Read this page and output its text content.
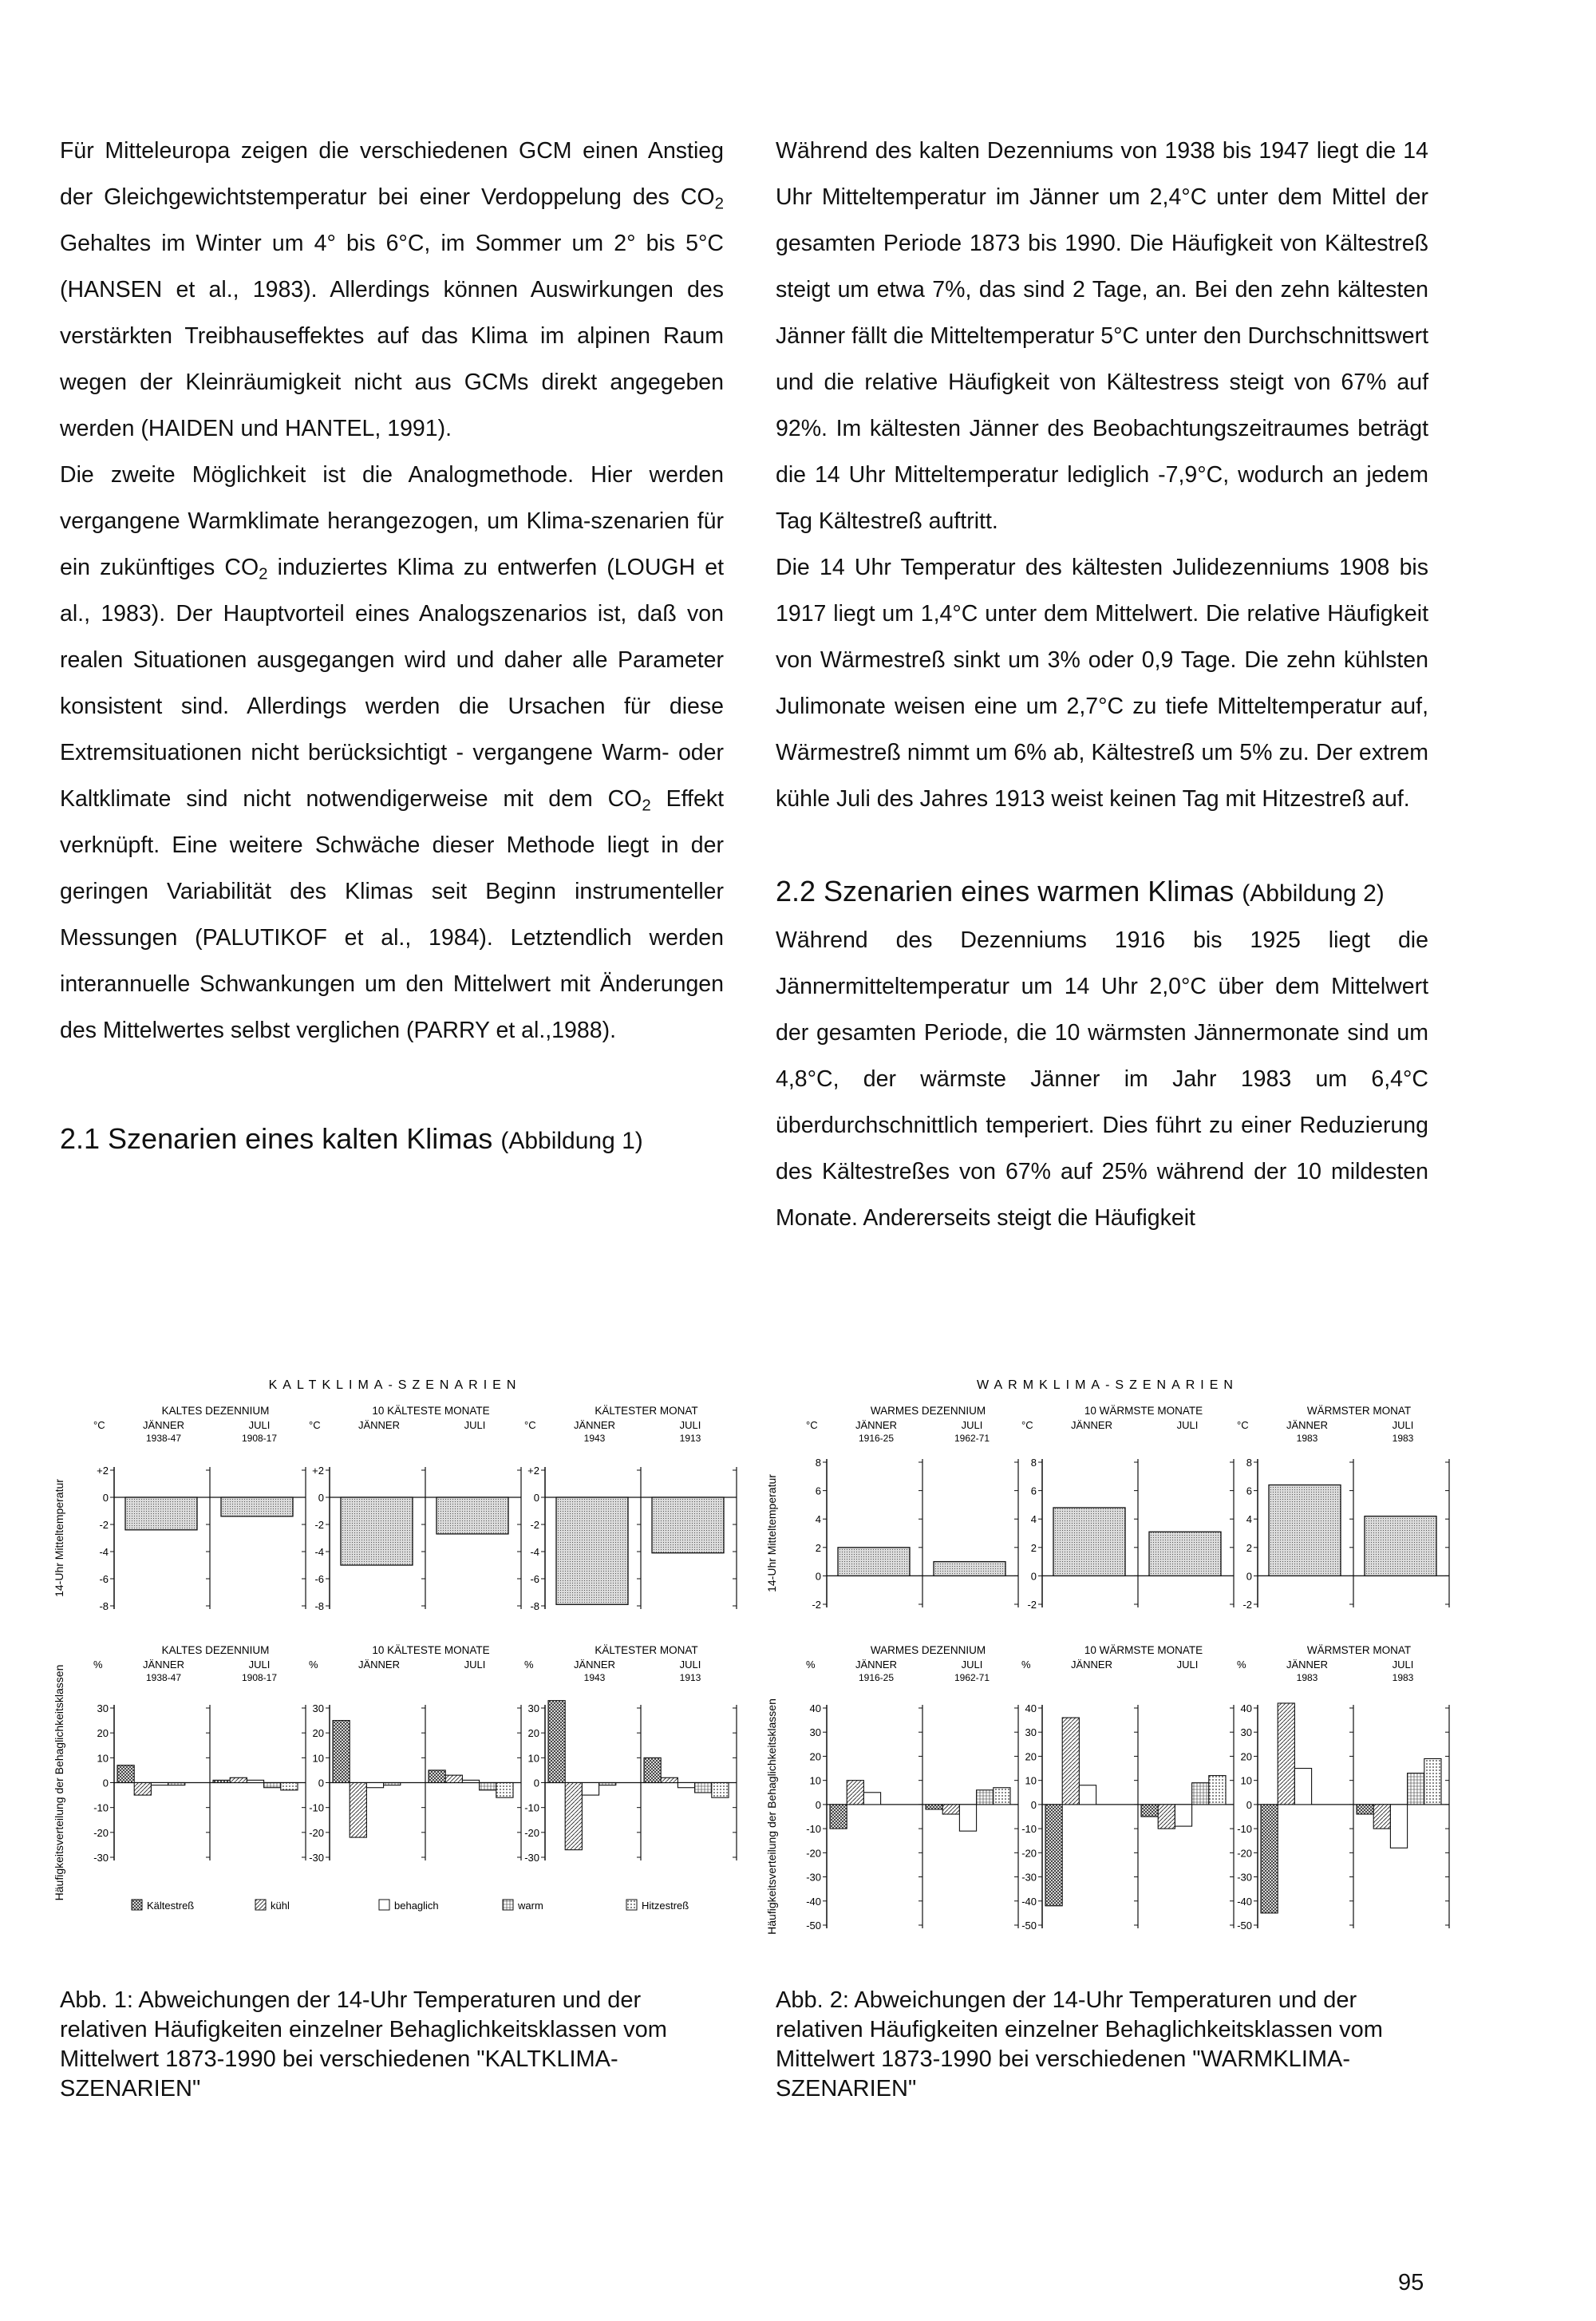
Für Mitteleuropa zeigen die verschiedenen GCM einen Anstieg der Gleichgewichtstemperatur bei einer Verdoppelung des $CO_2$ Gehaltes im Winter um 4° bis 6°C, im Sommer um 2° bis 5°C (HANSEN et al., 1983). Allerdings können Auswirkungen des verstärkten Treibhauseffektes auf das Klima im alpinen Raum wegen der Kleinräumigkeit nicht aus GCMs direkt angegeben werden (HAIDEN und HANTEL, 1991).

Die zweite Möglichkeit ist die Analogmethode. Hier werden vergangene Warmklimate herangezogen, um Klima-szenarien für ein zukünftiges $CO_2$ induziertes Klima zu entwerfen (LOUGH et al., 1983). Der Hauptvorteil eines Analogszenarios ist, daß von realen Situationen ausgegangen wird und daher alle Parameter konsistent sind. Allerdings werden die Ursachen für diese Extremsituationen nicht berücksichtigt - vergangene Warm- oder Kaltklimate sind nicht notwendigerweise mit dem $CO_2$ Effekt verknüpft. Eine weitere Schwäche dieser Methode liegt in der geringen Variabilität des Klimas seit Beginn instrumenteller Messungen (PALUTIKOF et al., 1984). Letztendlich werden interannuelle Schwankungen um den Mittelwert mit Änderungen des Mittelwertes selbst verglichen (PARRY et al.,1988).

2.1 Szenarien eines kalten Klimas (Abbildung 1)

Während des kalten Dezenniums von 1938 bis 1947 liegt die 14 Uhr Mitteltemperatur im Jänner um 2,4°C unter dem Mittel der gesamten Periode 1873 bis 1990. Die Häufigkeit von Kältestreß steigt um etwa 7%, das sind 2 Tage, an. Bei den zehn kältesten Jänner fällt die Mitteltemperatur 5°C unter den Durchschnittswert und die relative Häufigkeit von Kältestress steigt von 67% auf 92%. Im kältesten Jänner des Beobachtungszeitraumes beträgt die 14 Uhr Mitteltemperatur lediglich -7,9°C, wodurch an jedem Tag Kältestreß auftritt.

Die 14 Uhr Temperatur des kältesten Julidezenniums 1908 bis 1917 liegt um 1,4°C unter dem Mittelwert. Die relative Häufigkeit von Wärmestreß sinkt um 3% oder 0,9 Tage. Die zehn kühlsten Julimonate weisen eine um 2,7°C zu tiefe Mitteltemperatur auf, Wärmestreß nimmt um 6% ab, Kältestreß um 5% zu. Der extrem kühle Juli des Jahres 1913 weist keinen Tag mit Hitzestreß auf.

2.2 Szenarien eines warmen Klimas (Abbildung 2)

Während des Dezenniums 1916 bis 1925 liegt die Jännermitteltemperatur um 14 Uhr 2,0°C über dem Mittelwert der gesamten Periode, die 10 wärmsten Jännermonate sind um 4,8°C, der wärmste Jänner im Jahr 1983 um 6,4°C überdurchschnittlich temperiert. Dies führt zu einer Reduzierung des Kältestreßes von 67% auf 25% während der 10 mildesten Monate. Andererseits steigt die Häufigkeit

KALTKLIMA-SZENARIEN
14-Uhr Mitteltemperatur
Häufigkeitsverteilung der Behaglichkeitsklassen
KALTES DEZENNIUM
KALTES DEZENNIUM
°C
%
JÄNNER
JÄNNER
1938-47
1938-47
JULI
JULI
1908-17
1908-17
+2
0
-2
-4
-6
-8
30
20
10
0
-10
-20
-30
10 KÄLTESTE MONATE
10 KÄLTESTE MONATE
°C
%
JÄNNER
JÄNNER
JULI
JULI
+2
0
-2
-4
-6
-8
30
20
10
0
-10
-20
-30
KÄLTESTER MONAT
KÄLTESTER MONAT
°C
%
JÄNNER
JÄNNER
1943
1943
JULI
JULI
1913
1913
+2
0
-2
-4
-6
-8
30
20
10
0
-10
-20
-30
Kältestreß	kühl	behaglich	warm	Hitzestreß
WARMKLIMA-SZENARIEN
14-Uhr Mitteltemperatur
Häufigkeitsverteilung der Behaglichkeitsklassen
WARMES DEZENNIUM
WARMES DEZENNIUM
°C
%
JÄNNER
JÄNNER
1916-25
1916-25
JULI
JULI
1962-71
1962-71
8
6
4
2
0
-2
40
30
20
10
0
-10
-20
-30
-40
-50
10 WÄRMSTE MONATE
10 WÄRMSTE MONATE
°C
%
JÄNNER
JÄNNER
JULI
JULI
8
6
4
2
0
-2
40
30
20
10
0
-10
-20
-30
-40
-50
WÄRMSTER MONAT
WÄRMSTER MONAT
°C
%
JÄNNER
JÄNNER
1983
1983
JULI
JULI
1983
1983
8
6
4
2
0
-2
40
30
20
10
0
-10
-20
-30
-40
-50
Abb. 1: Abweichungen der 14-Uhr Temperaturen und der relativen Häufigkeiten einzelner Behaglichkeitsklassen vom Mittelwert 1873-1990 bei verschiedenen "KALTKLIMA-SZENARIEN"
Abb. 2: Abweichungen der 14-Uhr Temperaturen und der relativen Häufigkeiten einzelner Behaglichkeitsklassen vom Mittelwert 1873-1990 bei verschiedenen "WARMKLIMA-SZENARIEN"
95
